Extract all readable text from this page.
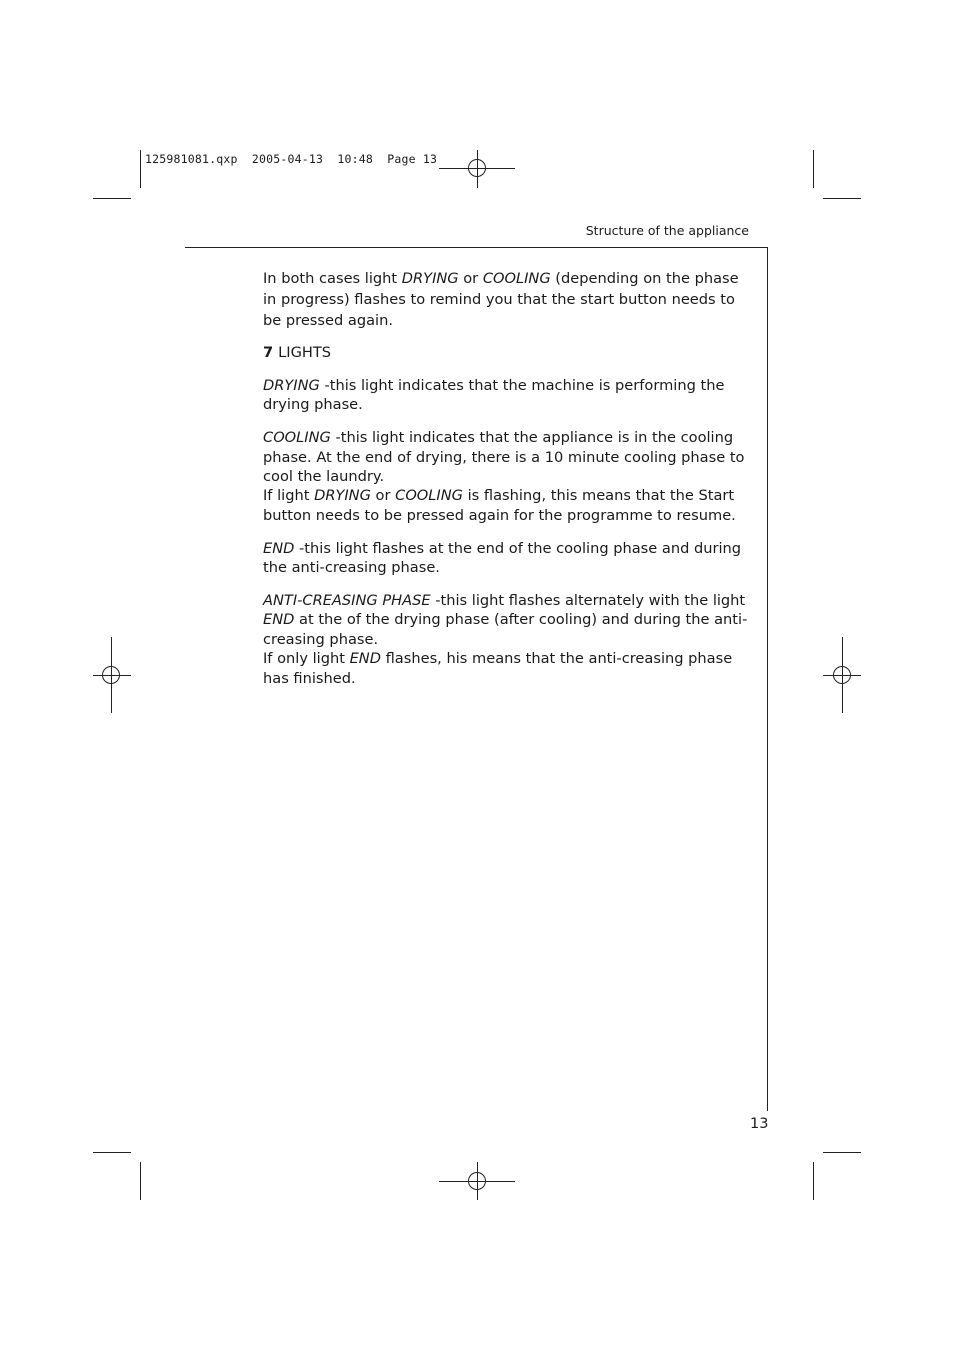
125981081.qxp  2005-04-13  10:48  Page 13
Structure of the appliance

In both cases light DRYING or COOLING (depending on the phase in progress) flashes to remind you that the start button needs to be pressed again.

7 LIGHTS

DRYING -this light indicates that the machine is performing the drying phase.

COOLING -this light indicates that the appliance is in the cooling phase. At the end of drying, there is a 10 minute cooling phase to cool the laundry.
If light DRYING or COOLING is flashing, this means that the Start button needs to be pressed again for the programme to resume.

END -this light flashes at the end of the cooling phase and during the anti-creasing phase.

ANTI-CREASING PHASE -this light flashes alternately with the light END at the of the drying phase (after cooling) and during the anti-creasing phase.
If only light END flashes, his means that the anti-creasing phase has finished.

13
